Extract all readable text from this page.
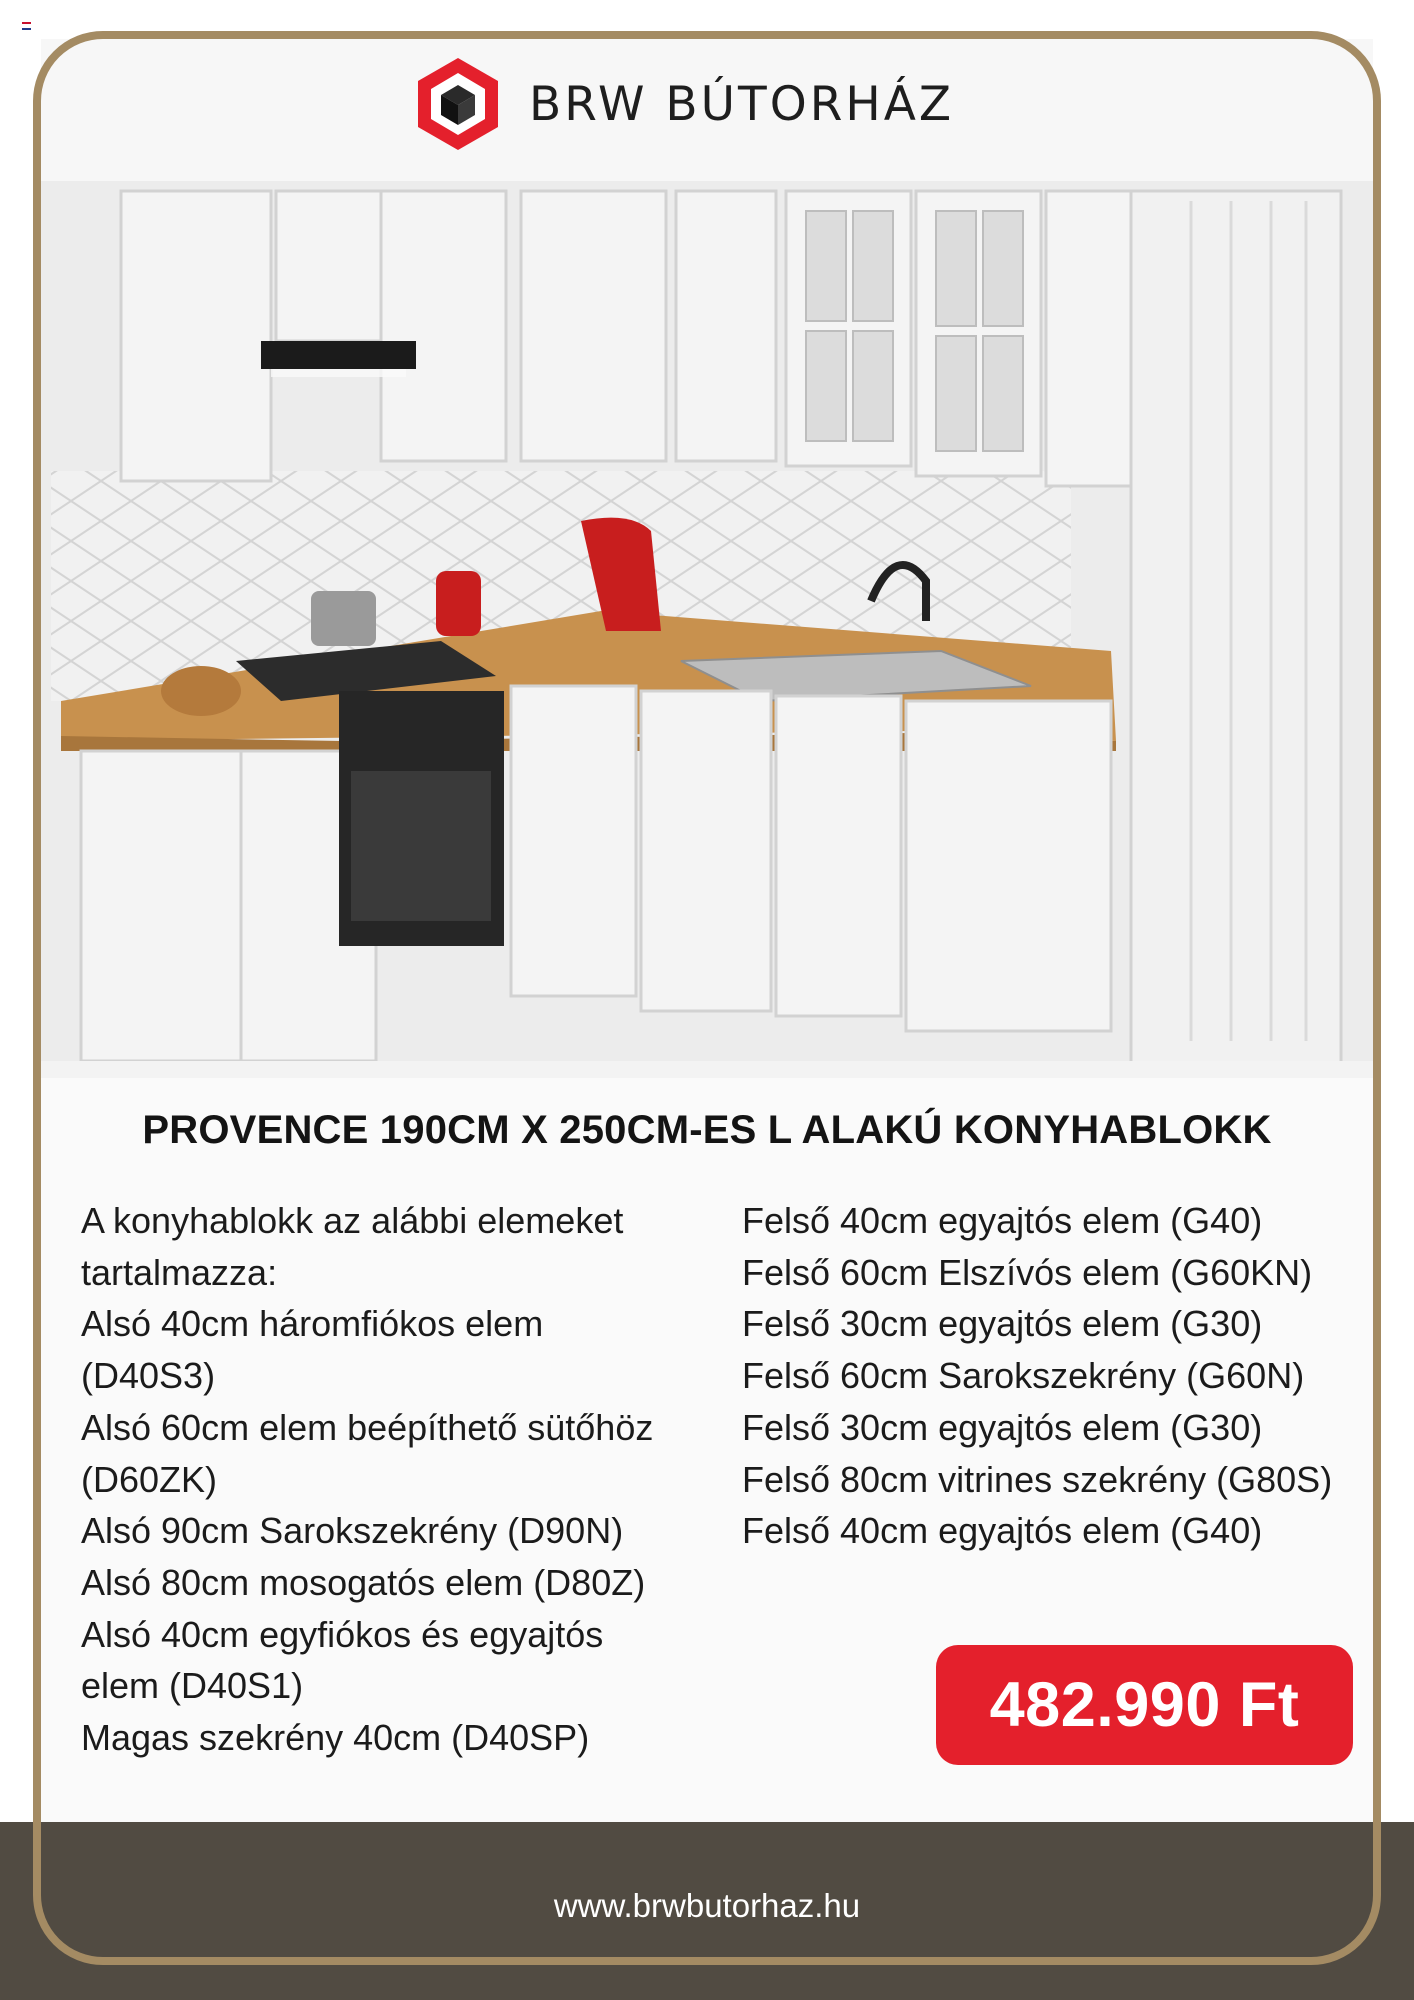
BRW BÚTORHÁZ
PROVENCE 190CM X 250CM-ES L ALAKÚ KONYHABLOKK
A konyhablokk az alábbi elemeket
tartalmazza:
Alsó 40cm háromfiókos elem
(D40S3)
Alsó 60cm elem beépíthető sütőhöz
(D60ZK)
Alsó 90cm Sarokszekrény (D90N)
Alsó 80cm mosogatós elem (D80Z)
Alsó 40cm egyfiókos és egyajtós
elem (D40S1)
Magas szekrény 40cm (D40SP)
Felső 40cm egyajtós elem (G40)
Felső 60cm Elszívós elem (G60KN)
Felső 30cm egyajtós elem (G30)
Felső 60cm Sarokszekrény (G60N)
Felső 30cm egyajtós elem (G30)
Felső 80cm vitrines szekrény (G80S)
Felső 40cm egyajtós elem (G40)
482.990 Ft
www.brwbutorhaz.hu
